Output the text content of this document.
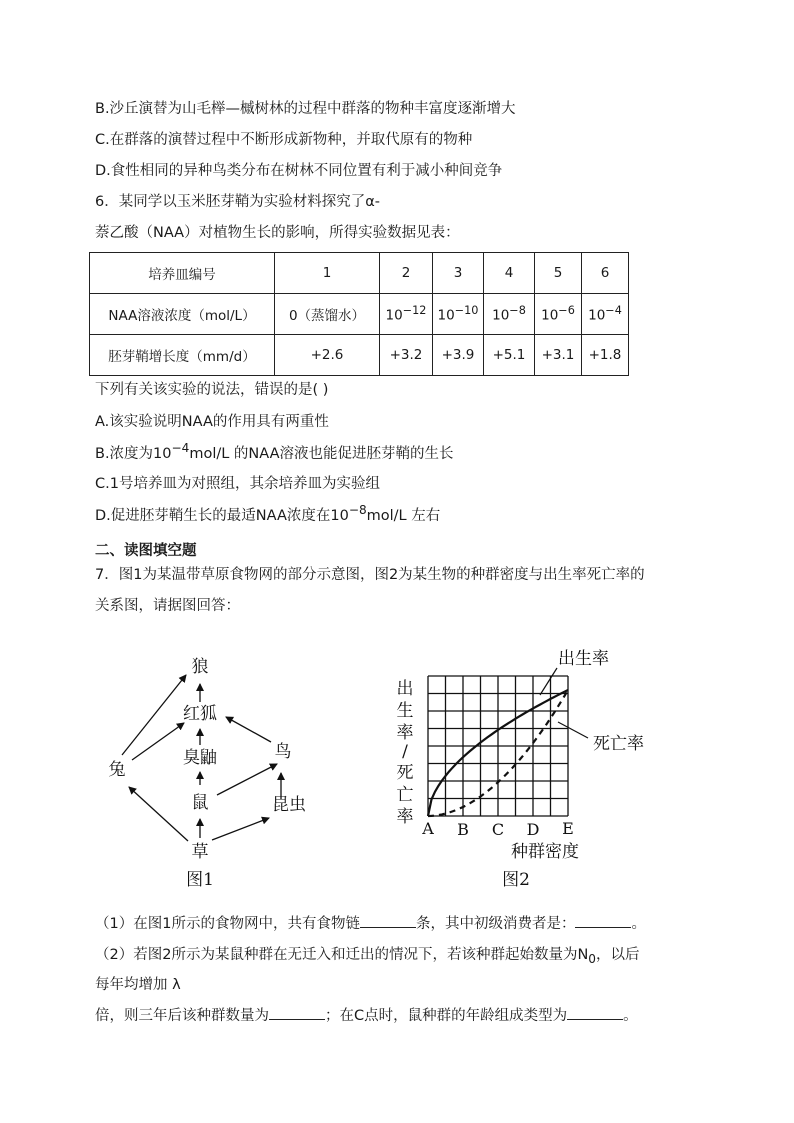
B.沙丘演替为山毛榉—槭树林的过程中群落的物种丰富度逐渐增大
C.在群落的演替过程中不断形成新物种，并取代原有的物种
D.食性相同的异种鸟类分布在树林不同位置有利于减小种间竞争
6．某同学以玉米胚芽鞘为实验材料探究了α-
萘乙酸（NAA）对植物生长的影响，所得实验数据见表：
培养皿编号	1	2	3	4	5	6
NAA溶液浓度（mol/L）	0（蒸馏水）	$10^{-12}$	$10^{-10}$	$10^{-8}$	$10^{-6}$	$10^{-4}$
胚芽鞘增长度（mm/d）	+2.6	+3.2	+3.9	+5.1	+3.1	+1.8
下列有关该实验的说法，错误的是( )
A.该实验说明NAA的作用具有两重性
B.浓度为$10^{-4}mol/L$ 的NAA溶液也能促进胚芽鞘的生长
C.1号培养皿为对照组，其余培养皿为实验组
D.促进胚芽鞘生长的最适NAA浓度在$10^{-8}mol/L$ 左右
二、读图填空题
7．图1为某温带草原食物网的部分示意图，图2为某生物的种群密度与出生率死亡率的
关系图，请据图回答：
狼
红狐
臭鼬	鸟
兔
鼠	昆虫
草
图1
出生率
死亡率
出
生
率
/
死
亡
率
A B C D E
种群密度
图2
（1）在图1所示的食物网中，共有食物链	条，其中初级消费者是：	。
（2）若图2所示为某鼠种群在无迁入和迁出的情况下，若该种群起始数量为$N_0$，以后
每年均增加 λ
倍，则三年后该种群数量为	；在C点时，鼠种群的年龄组成类型为	。
